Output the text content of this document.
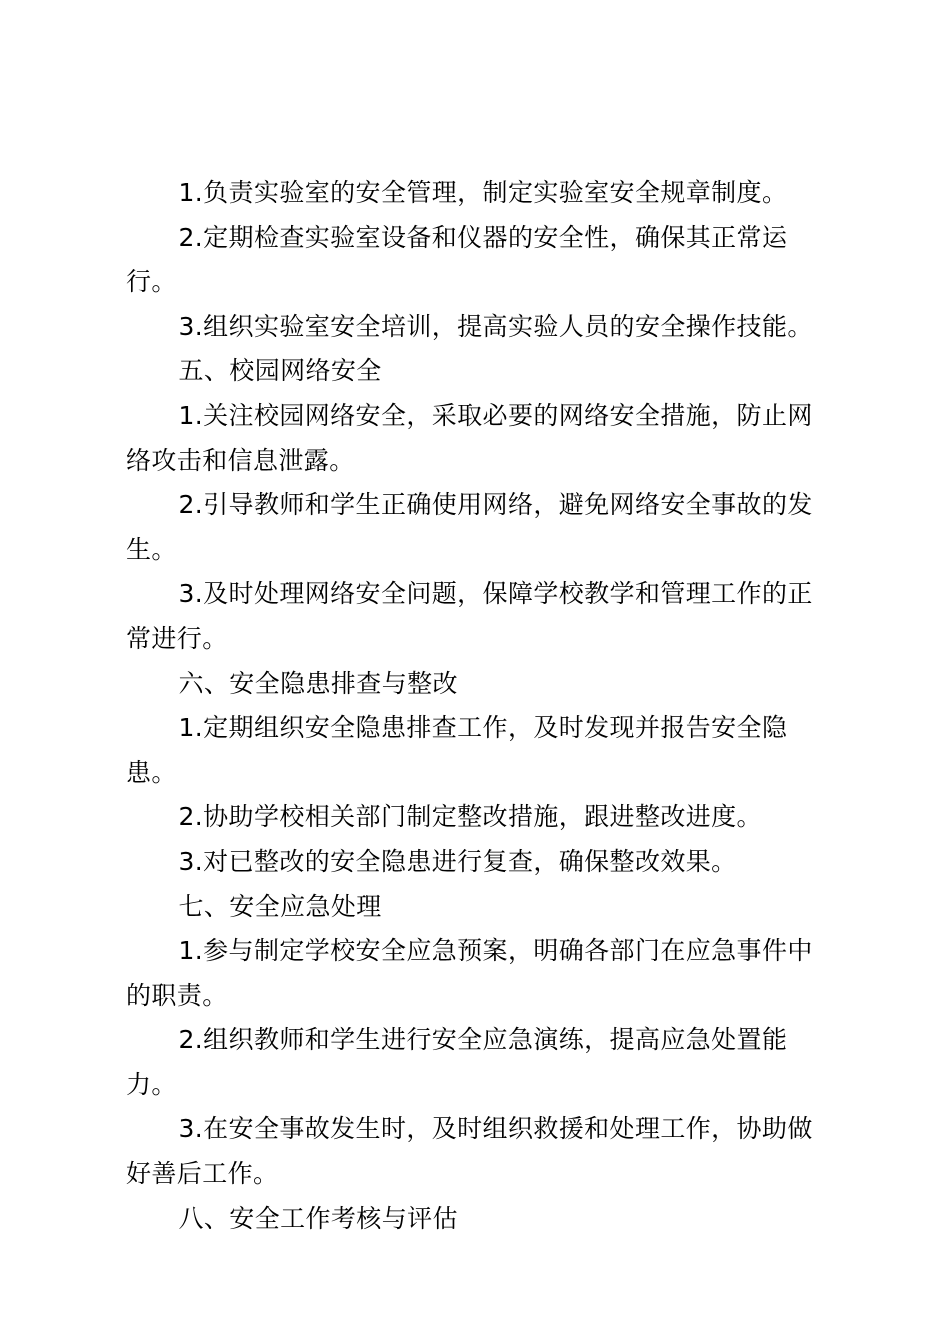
1.负责实验室的安全管理，制定实验室安全规章制度。

2.定期检查实验室设备和仪器的安全性，确保其正常运行。

3.组织实验室安全培训，提高实验人员的安全操作技能。

五、校园网络安全

1.关注校园网络安全，采取必要的网络安全措施，防止网络攻击和信息泄露。

2.引导教师和学生正确使用网络，避免网络安全事故的发生。

3.及时处理网络安全问题，保障学校教学和管理工作的正常进行。

六、安全隐患排查与整改

1.定期组织安全隐患排查工作，及时发现并报告安全隐患。

2.协助学校相关部门制定整改措施，跟进整改进度。

3.对已整改的安全隐患进行复查，确保整改效果。

七、安全应急处理

1.参与制定学校安全应急预案，明确各部门在应急事件中的职责。

2.组织教师和学生进行安全应急演练，提高应急处置能力。

3.在安全事故发生时，及时组织救援和处理工作，协助做好善后工作。

八、安全工作考核与评估
